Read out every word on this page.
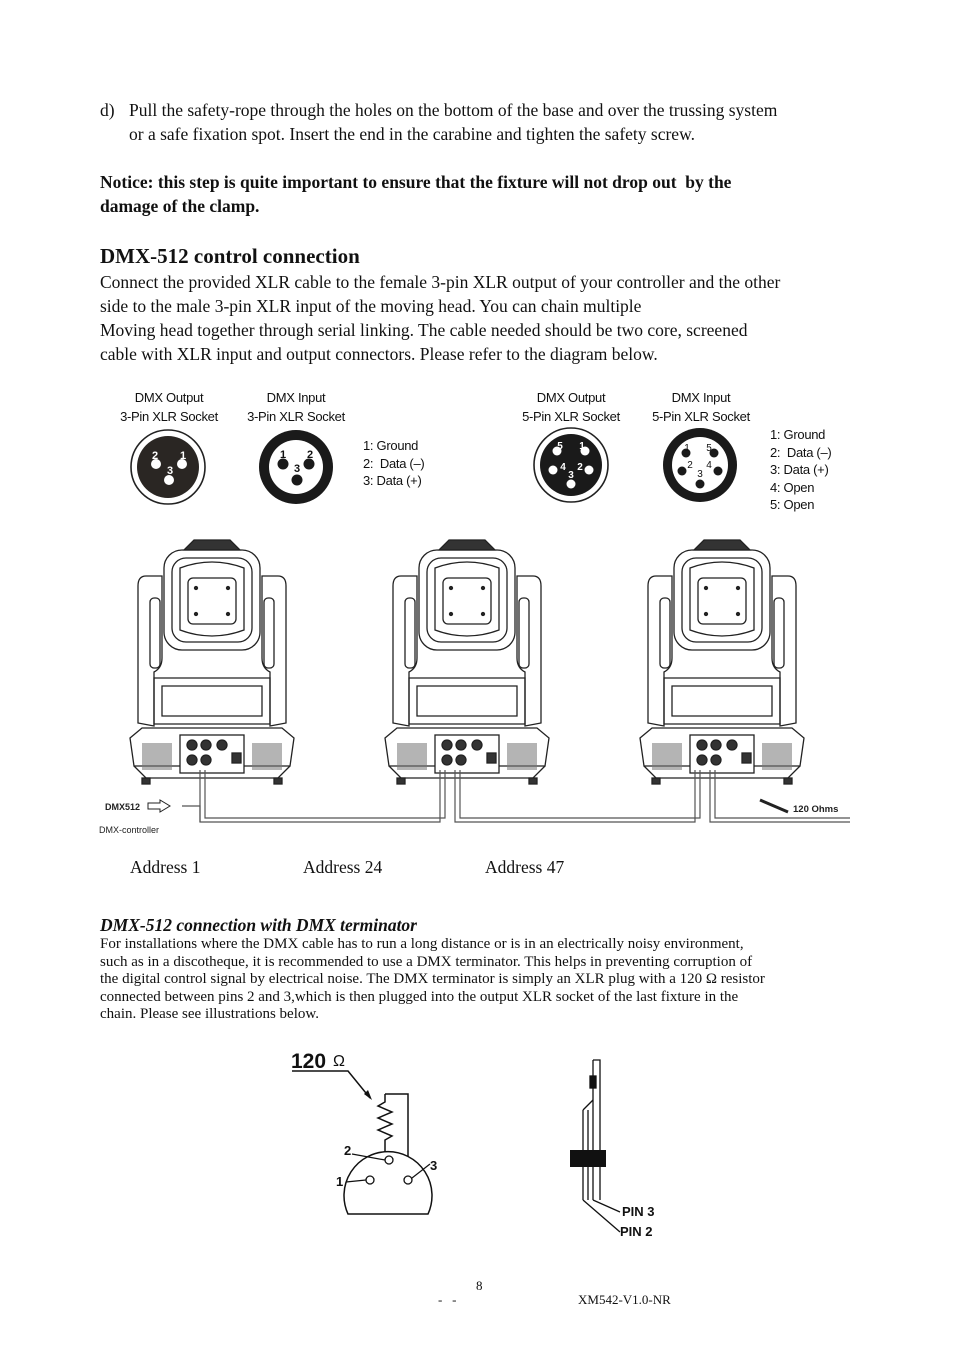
d) Pull the safety-rope through the holes on the bottom of the base and over the trussing system
or a safe fixation spot. Insert the end in the carabine and tighten the safety screw.
Notice: this step is quite important to ensure that the fixture will not drop out  by the
damage of the clamp.
DMX-512 control connection
Connect the provided XLR cable to the female 3-pin XLR output of your controller and the other
side to the male 3-pin XLR input of the moving head. You can chain multiple
Moving head together through serial linking. The cable needed should be two core, screened
cable with XLR input and output connectors. Please refer to the diagram below.
DMX Output
3-Pin XLR Socket
DMX Input
3-Pin XLR Socket
DMX Output
5-Pin XLR Socket
DMX Input
5-Pin XLR Socket
2 1
3
1 2
3
5 1
4 2
3
1 5
2 4
3
1: Ground
2:  Data (–)
3: Data (+)
1: Ground
2:  Data (–)
3: Data (+)
4: Open
5: Open
DMX512
DMX-controller
120 Ohms
Address 1	Address 24	Address 47
DMX-512 connection with DMX terminator
For installations where the DMX cable has to run a long distance or is in an electrically noisy environment,
such as in a discotheque, it is recommended to use a DMX terminator. This helps in preventing corruption of
the digital control signal by electrical noise. The DMX terminator is simply an XLR plug with a 120 Ω resistor
connected between pins 2 and 3,which is then plugged into the output XLR socket of the last fixture in the
chain. Please see illustrations below.
120 Ω
2
1
3
PIN 3
PIN 2
8
-   -	XM542-V1.0-NR
